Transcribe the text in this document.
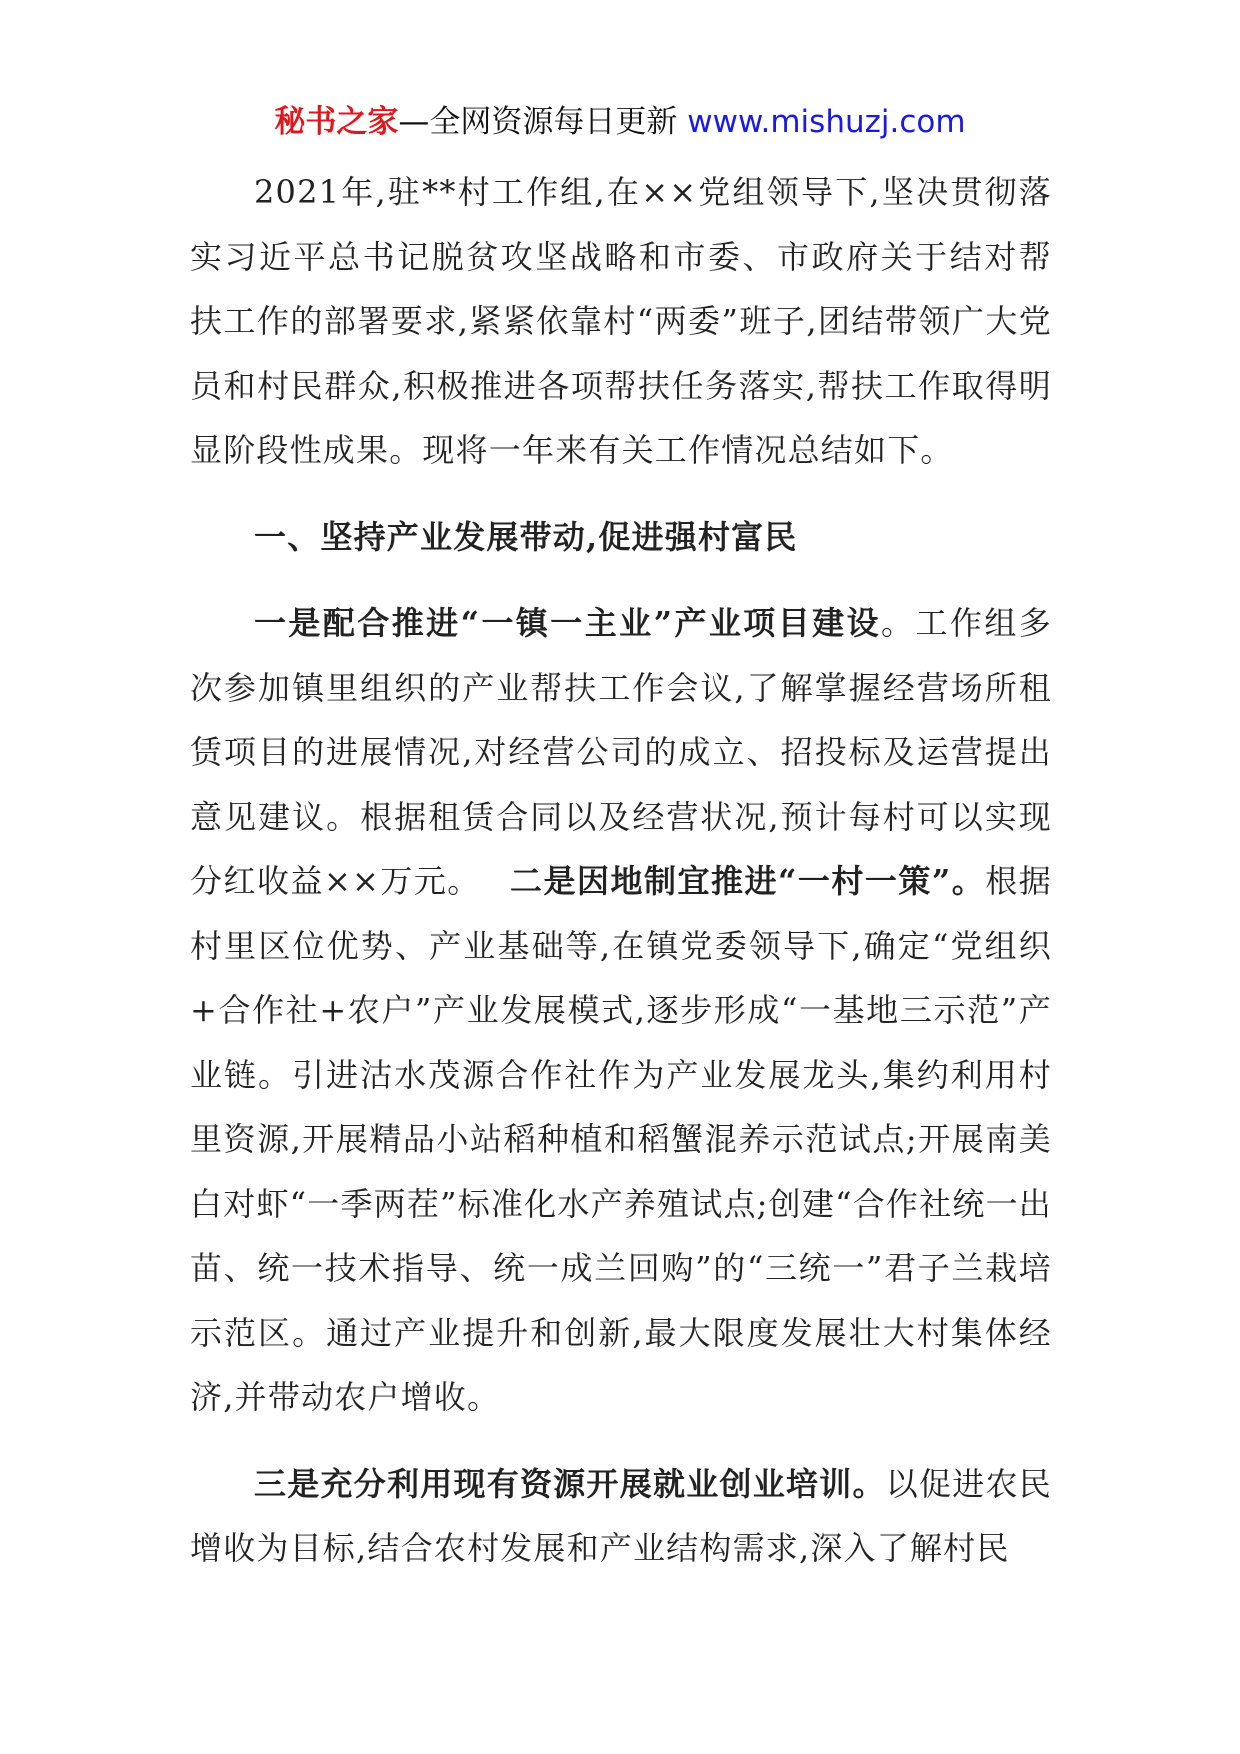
秘书之家—全网资源每日更新 www.mishuzj.com

2021年,驻**村工作组,在××党组领导下,坚决贯彻落实习近平总书记脱贫攻坚战略和市委、市政府关于结对帮扶工作的部署要求,紧紧依靠村“两委”班子,团结带领广大党员和村民群众,积极推进各项帮扶任务落实,帮扶工作取得明显阶段性成果。现将一年来有关工作情况总结如下。

一、坚持产业发展带动,促进强村富民

一是配合推进“一镇一主业”产业项目建设。工作组多次参加镇里组织的产业帮扶工作会议,了解掌握经营场所租赁项目的进展情况,对经营公司的成立、招投标及运营提出意见建议。根据租赁合同以及经营状况,预计每村可以实现分红收益××万元。　 二是因地制宜推进“一村一策”。根据村里区位优势、产业基础等,在镇党委领导下,确定“党组织+合作社+农户”产业发展模式,逐步形成“一基地三示范”产业链。引进沽水茂源合作社作为产业发展龙头,集约利用村里资源,开展精品小站稻种植和稻蟹混养示范试点;开展南美白对虾“一季两茬”标准化水产养殖试点;创建“合作社统一出苗、统一技术指导、统一成兰回购”的“三统一”君子兰栽培示范区。通过产业提升和创新,最大限度发展壮大村集体经济,并带动农户增收。

三是充分利用现有资源开展就业创业培训。以促进农民增收为目标,结合农村发展和产业结构需求,深入了解村民
